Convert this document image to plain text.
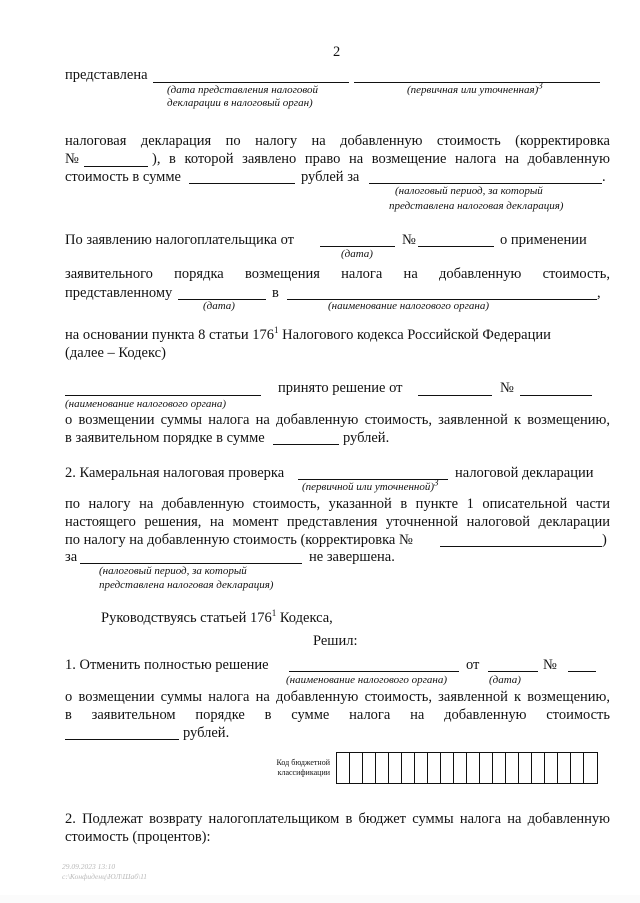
2
представлена
(дата представления налоговой
декларации в налоговый орган)
(первичная или уточненная)$^3$
налоговая декларация по налогу на добавленную стоимость (корректировка
№	), в которой заявлено право на возмещение налога на добавленную
стоимость в сумме	рублей за	.
(налоговый период, за который
представлена налоговая декларация)
По заявлению налогоплательщика от	№	о применении
(дата)
заявительного порядка возмещения налога на добавленную стоимость,
представленному	в	,
(дата)	(наименование налогового органа)
на основании пункта 8 статьи $176^1$ Налогового кодекса Российской Федерации
(далее – Кодекс)
принято решение от	№
(наименование налогового органа)
о возмещении суммы налога на добавленную стоимость, заявленной к возмещению,
в заявительном порядке в сумме	рублей.
2. Камеральная налоговая проверка	налоговой декларации
(первичной или уточненной)$^3$
по налогу на добавленную стоимость, указанной в пункте 1 описательной части
настоящего решения, на момент представления уточненной налоговой декларации
по налогу на добавленную стоимость (корректировка №	)
за	не завершена.
(налоговый период, за который
представлена налоговая декларация)
Руководствуясь статьей $176^1$ Кодекса,
Решил:
1. Отменить полностью решение	от	№
(наименование налогового органа)	(дата)
о возмещении суммы налога на добавленную стоимость, заявленной к возмещению,
в заявительном порядке в сумме налога на добавленную стоимость
рублей.
Код бюджетной
классификации
2. Подлежат возврату налогоплательщиком в бюджет суммы налога на добавленную
стоимость (процентов):
29.09.2023 13:10
с:\Конфиденц\ЮЛ\Шаб\11
